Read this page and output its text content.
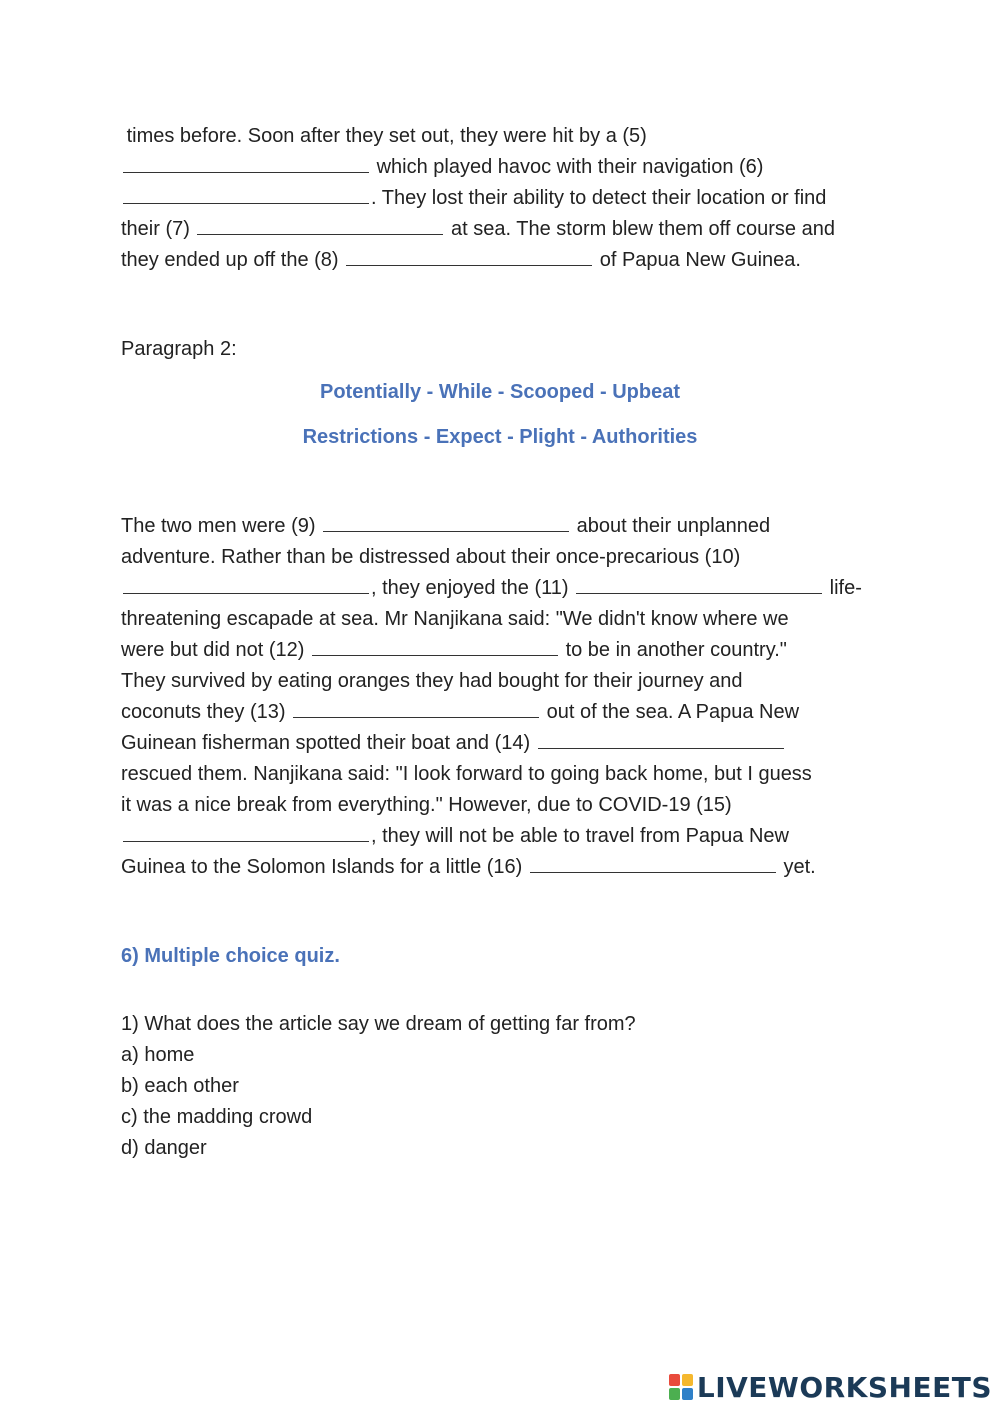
times before. Soon after they set out, they were hit by a (5)
which played havoc with their navigation (6)
. They lost their ability to detect their location or find
their (7)	at sea. The storm blew them off course and
they ended up off the (8)	of Papua New Guinea.
Paragraph 2:
Potentially - While - Scooped - Upbeat
Restrictions - Expect - Plight - Authorities
The two men were (9)	about their unplanned
adventure. Rather than be distressed about their once-precarious (10)
, they enjoyed the (11)	life-
threatening escapade at sea. Mr Nanjikana said: "We didn't know where we
were but did not (12)	to be in another country."
They survived by eating oranges they had bought for their journey and
coconuts they (13)	out of the sea. A Papua New
Guinean fisherman spotted their boat and (14)
rescued them. Nanjikana said: "I look forward to going back home, but I guess
it was a nice break from everything." However, due to COVID-19 (15)
, they will not be able to travel from Papua New
Guinea to the Solomon Islands for a little (16)	yet.
6) Multiple choice quiz.
1) What does the article say we dream of getting far from?
a) home
b) each other
c) the madding crowd
d) danger
LIVEWORKSHEETS
